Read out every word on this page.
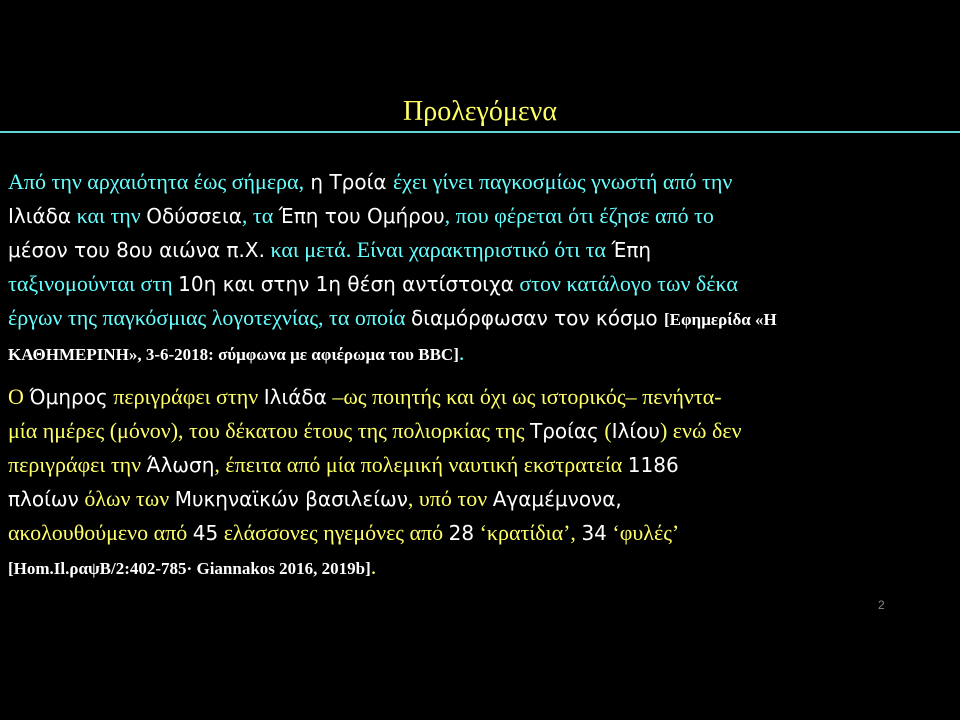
Προλεγόμενα
Από την αρχαιότητα έως σήμερα, η Τροία έχει γίνει παγκοσμίως γνωστή από την
Ιλιάδα και την Οδύσσεια, τα Έπη του Ομήρου, που φέρεται ότι έζησε από το
μέσον του 8ου αιώνα π.Χ. και μετά. Είναι χαρακτηριστικό ότι τα Έπη
ταξινομούνται στη 10η και στην 1η θέση αντίστοιχα στον κατάλογο των δέκα
έργων της παγκόσμιας λογοτεχνίας, τα οποία διαμόρφωσαν τον κόσμο [Εφημερίδα «Η
ΚΑΘΗΜΕΡΙΝΗ», 3-6-2018: σύμφωνα με αφιέρωμα του BBC].
Ο Όμηρος περιγράφει στην Ιλιάδα –ως ποιητής και όχι ως ιστορικός– πενήντα-
μία ημέρες (μόνον), του δέκατου έτους της πολιορκίας της Τροίας (Ιλίου) ενώ δεν
περιγράφει την Άλωση, έπειτα από μία πολεμική ναυτική εκστρατεία 1186
πλοίων όλων των Μυκηναϊκών βασιλείων, υπό τον Αγαμέμνονα,
ακολουθούμενο από 45 ελάσσονες ηγεμόνες από 28 ‘κρατίδια’, 34 ‘φυλές’
[Hom.Il.ραψΒ/2:402-785· Giannakos 2016, 2019b].
2
